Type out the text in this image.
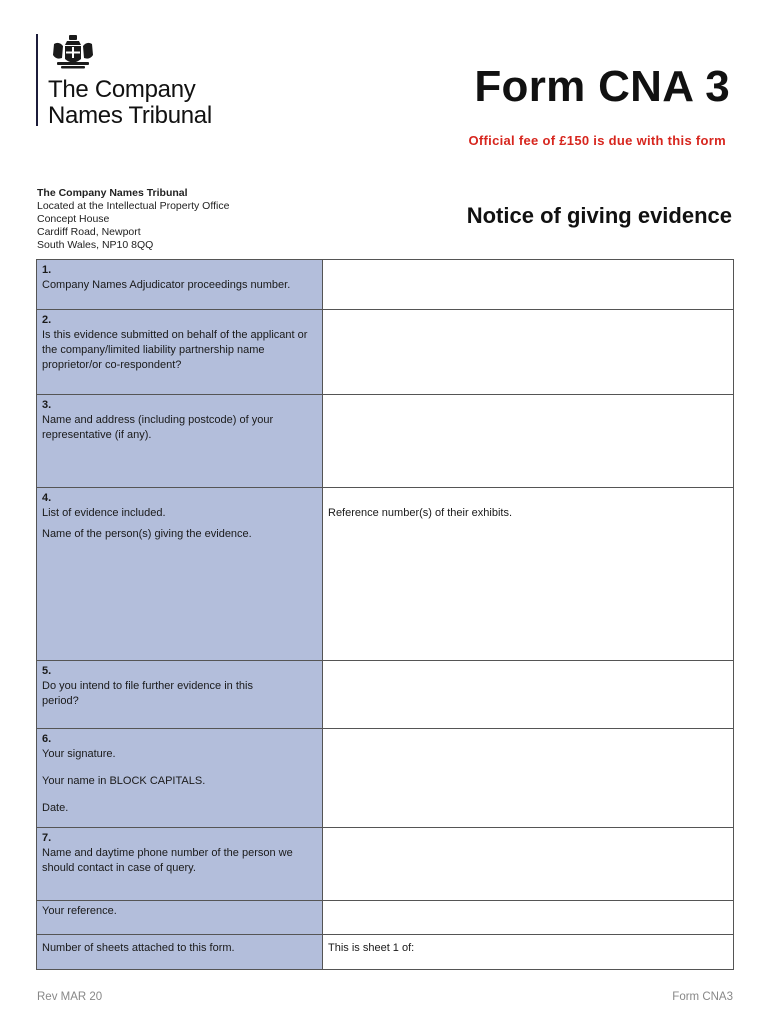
The Company
Names Tribunal
Form CNA 3
Official fee of £150 is due with this form
The Company Names Tribunal
Located at the Intellectual Property Office
Concept House
Cardiff Road, Newport
South Wales, NP10 8QQ
Notice of giving evidence
1.
Company Names Adjudicator proceedings number.	

2.
Is this evidence submitted on behalf of the applicant or the company/limited liability partnership name proprietor/or co-respondent?	

3.
Name and address (including postcode) of your representative (if any).	

4.
List of evidence included.
Name of the person(s) giving the evidence.	Reference number(s) of their exhibits.

5.
Do you intend to file further evidence in this period?	

6.
Your signature.
Your name in BLOCK CAPITALS.
Date.	

7.
Name and daytime phone number of the person we should contact in case of query.	

Your reference.	

Number of sheets attached to this form.	This is sheet 1 of:
Rev MAR 20	Form CNA3
